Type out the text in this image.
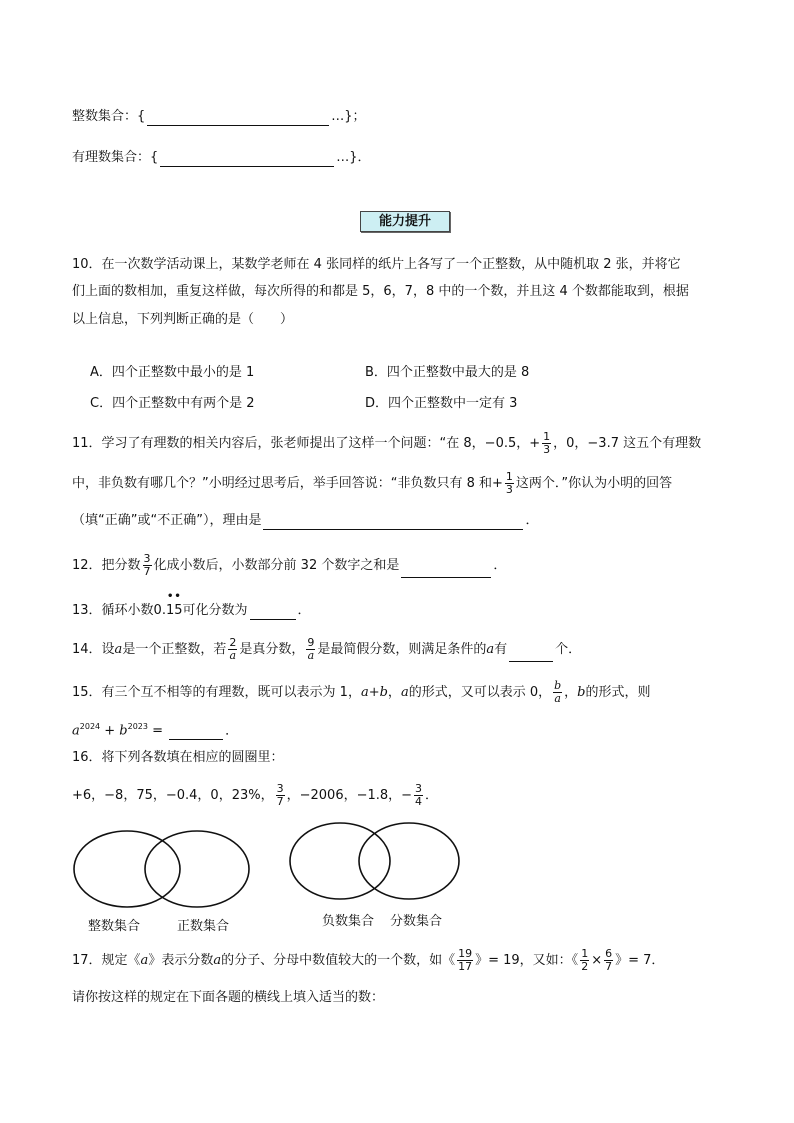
整数集合：{	…}；
有理数集合：{	…}．
能力提升
10．在一次数学活动课上，某数学老师在 4 张同样的纸片上各写了一个正整数，从中随机取 2 张，并将它
们上面的数相加，重复这样做，每次所得的和都是 5，6，7，8 中的一个数，并且这 4 个数都能取到，根据
以上信息，下列判断正确的是（　　）
A．四个正整数中最小的是 1	B．四个正整数中最大的是 8
C．四个正整数中有两个是 2	D．四个正整数中一定有 3
11．学习了有理数的相关内容后，张老师提出了这样一个问题：“在 8，−0.5，+ $\frac{1}{3}$ ，0，−3.7 这五个有理数
中，非负数有哪几个？”小明经过思考后，举手回答说：“非负数只有 8 和+ $\frac{1}{3}$ 这两个．”你认为小明的回答
（填“正确”或“不正确”），理由是	．
12．把分数 $\frac{3}{7}$ 化成小数后，小数部分前 32 个数字之和是	．
••
13．循环小数0.15可化分数为	．
14．设a是一个正整数，若 $\frac{2}{a}$ 是真分数， $\frac{9}{a}$ 是最简假分数，则满足条件的a有	个．
15．有三个互不相等的有理数，既可以表示为 1，a+b，a的形式，又可以表示 0， $\frac{b}{a}$ ，b的形式，则
$a^{2024} + b^{2023}$ =	．
16．将下列各数填在相应的圆圈里：
+6，−8，75，−0.4，0，23%， $\frac{3}{7}$ ，−2006，−1.8，− $\frac{3}{4}$ ．
整数集合	正数集合	负数集合 分数集合
17．规定《a》表示分数a的分子、分母中数值较大的一个数，如《 $\frac{19}{17}$ 》= 19，又如：《 $\frac{1}{2} \times \frac{6}{7}$ 》= 7．
请你按这样的规定在下面各题的横线上填入适当的数：
